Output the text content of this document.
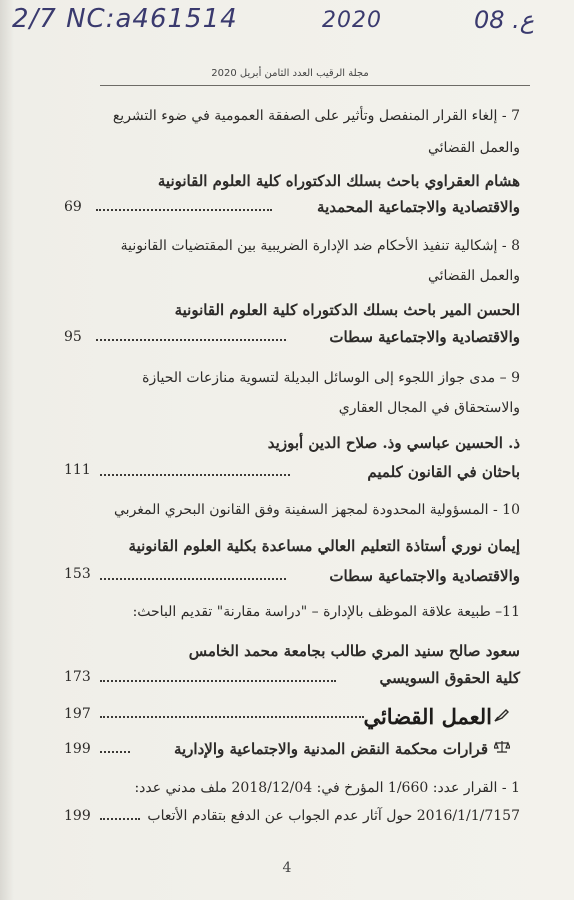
2/7 NC:a461514	2020	ع. 08
مجلة الرقيب العدد الثامن أبريل 2020
7 - إلغاء القرار المنفصل وتأثير على الصفقة العمومية في ضوء التشريع
والعمل القضائي
هشام العقراوي باحث بسلك الدكتوراه كلية العلوم القانونية
والاقتصادية والاجتماعية المحمدية
69
8 - إشكالية تنفيذ الأحكام ضد الإدارة الضريبية بين المقتضيات القانونية
والعمل القضائي
الحسن المير باحث بسلك الدكتوراه كلية العلوم القانونية
والاقتصادية والاجتماعية سطات
95
9 – مدى جواز اللجوء إلى الوسائل البديلة لتسوية منازعات الحيازة
والاستحقاق في المجال العقاري
ذ. الحسين عباسي وذ. صلاح الدين أبوزيد
باحثان في القانون كلميم
111
10 - المسؤولية المحدودة لمجهز السفينة وفق القانون البحري المغربي
إيمان نوري أستاذة التعليم العالي مساعدة بكلية العلوم القانونية
والاقتصادية والاجتماعية سطات
153
11– طبيعة علاقة الموظف بالإدارة – "دراسة مقارنة" تقديم الباحث:
سعود صالح سنيد المري طالب بجامعة محمد الخامس
كلية الحقوق السويسي
173
العمل القضائي
197
قرارات محكمة النقض المدنية والاجتماعية والإدارية
199
1 - القرار عدد: 1/660 المؤرخ في: 2018/12/04 ملف مدني عدد:
2016/1/1/7157 حول آثار عدم الجواب عن الدفع بتقادم الأتعاب
199
4
